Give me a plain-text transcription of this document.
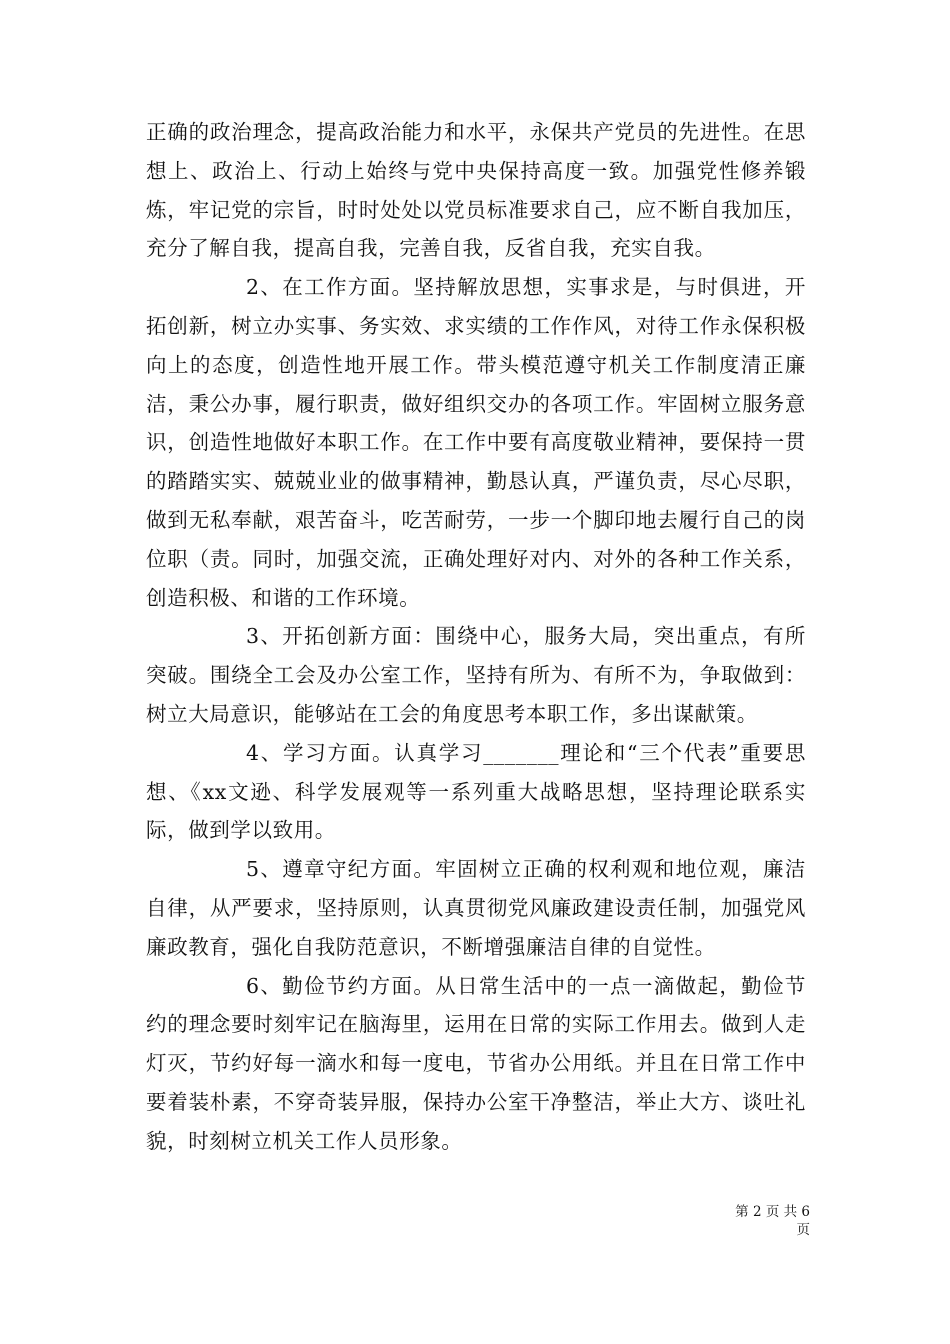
正确的政治理念，提高政治能力和水平，永保共产党员的先进性。在思想上、政治上、行动上始终与党中央保持高度一致。加强党性修养锻炼，牢记党的宗旨，时时处处以党员标准要求自己，应不断自我加压，充分了解自我，提高自我，完善自我，反省自我，充实自我。

2、在工作方面。坚持解放思想，实事求是，与时俱进，开拓创新，树立办实事、务实效、求实绩的工作作风，对待工作永保积极向上的态度，创造性地开展工作。带头模范遵守机关工作制度清正廉洁，秉公办事，履行职责，做好组织交办的各项工作。牢固树立服务意识，创造性地做好本职工作。在工作中要有高度敬业精神，要保持一贯的踏踏实实、兢兢业业的做事精神，勤恳认真，严谨负责，尽心尽职，做到无私奉献，艰苦奋斗，吃苦耐劳，一步一个脚印地去履行自己的岗位职（责。同时，加强交流，正确处理好对内、对外的各种工作关系，创造积极、和谐的工作环境。

3、开拓创新方面：围绕中心，服务大局，突出重点，有所突破。围绕全工会及办公室工作，坚持有所为、有所不为，争取做到：树立大局意识，能够站在工会的角度思考本职工作，多出谋献策。

4、学习方面。认真学习_______理论和“三个代表”重要思想、《xx文逊、科学发展观等一系列重大战略思想，坚持理论联系实际，做到学以致用。

5、遵章守纪方面。牢固树立正确的权利观和地位观，廉洁自律，从严要求，坚持原则，认真贯彻党风廉政建设责任制，加强党风廉政教育，强化自我防范意识，不断增强廉洁自律的自觉性。

6、勤俭节约方面。从日常生活中的一点一滴做起，勤俭节约的理念要时刻牢记在脑海里，运用在日常的实际工作用去。做到人走灯灭，节约好每一滴水和每一度电，节省办公用纸。并且在日常工作中要着装朴素，不穿奇装异服，保持办公室干净整洁，举止大方、谈吐礼貌，时刻树立机关工作人员形象。

第 2 页 共 6 页
